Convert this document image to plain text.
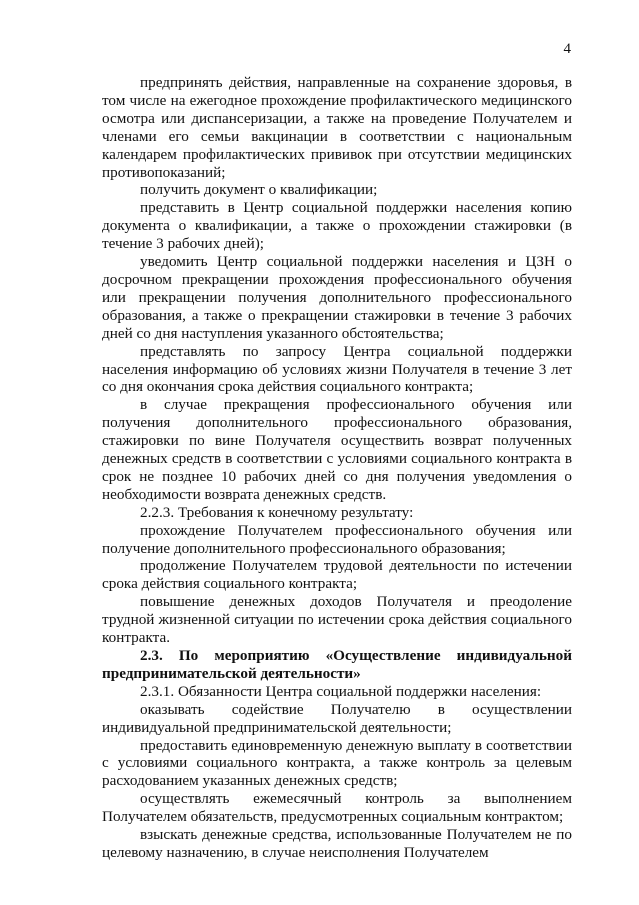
4

предпринять действия, направленные на сохранение здоровья, в том числе на ежегодное прохождение профилактического медицинского осмотра или диспансеризации, а также на проведение Получателем и членами его семьи вакцинации в соответствии с национальным календарем профилактических прививок при отсутствии медицинских противопоказаний;

получить документ о квалификации;

представить в Центр социальной поддержки населения копию документа о квалификации, а также о прохождении стажировки (в течение 3 рабочих дней);

уведомить Центр социальной поддержки населения и ЦЗН о досрочном прекращении прохождения профессионального обучения или прекращении получения дополнительного профессионального образования, а также о прекращении стажировки в течение 3 рабочих дней со дня наступления указанного обстоятельства;

представлять по запросу Центра социальной поддержки населения информацию об условиях жизни Получателя в течение 3 лет со дня окончания срока действия социального контракта;

в случае прекращения профессионального обучения или получения дополнительного профессионального образования, стажировки по вине Получателя осуществить возврат полученных денежных средств в соответствии с условиями социального контракта в срок не позднее 10 рабочих дней со дня получения уведомления о необходимости возврата денежных средств.

2.2.3. Требования к конечному результату:

прохождение Получателем профессионального обучения или получение дополнительного профессионального образования;

продолжение Получателем трудовой деятельности по истечении срока действия социального контракта;

повышение денежных доходов Получателя и преодоление трудной жизненной ситуации по истечении срока действия социального контракта.

2.3. По мероприятию «Осуществление индивидуальной предпринимательской деятельности»

2.3.1. Обязанности Центра социальной поддержки населения:

оказывать содействие Получателю в осуществлении индивидуальной предпринимательской деятельности;

предоставить единовременную денежную выплату в соответствии с условиями социального контракта, а также контроль за целевым расходованием указанных денежных средств;

осуществлять ежемесячный контроль за выполнением Получателем обязательств, предусмотренных социальным контрактом;

взыскать денежные средства, использованные Получателем не по целевому назначению, в случае неисполнения Получателем
